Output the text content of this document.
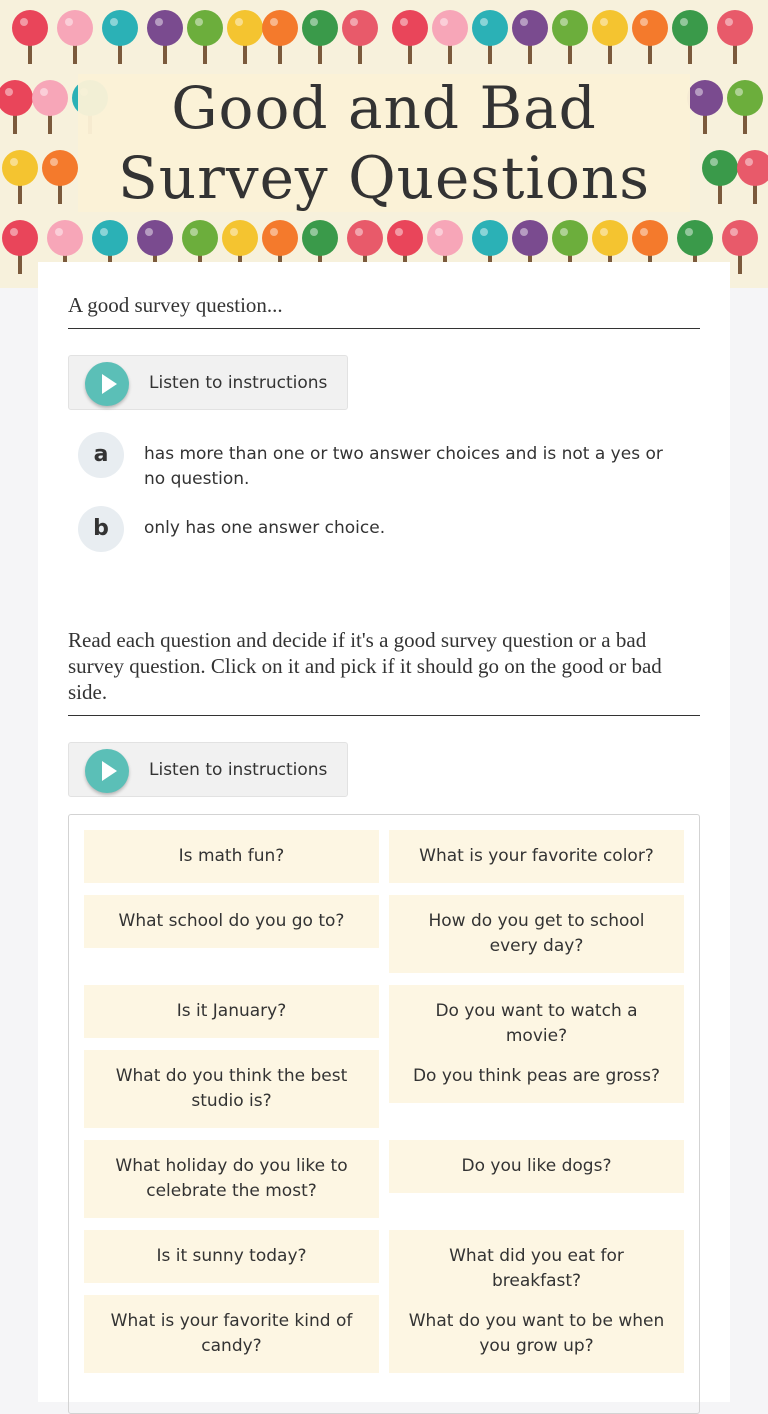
Good and Bad Survey Questions
A good survey question...
Listen to instructions
a	has more than one or two answer choices and is not a yes or no question.
b	only has one answer choice.
Read each question and decide if it's a good survey question or a bad survey question. Click on it and pick if it should go on the good or bad side.
Listen to instructions
Is math fun?	What is your favorite color?
What school do you go to?	How do you get to school every day?
Is it January?	Do you want to watch a movie?
What do you think the best studio is?
Do you think peas are gross?
What holiday do you like to celebrate the most?
Do you like dogs?
Is it sunny today?	What did you eat for breakfast?
What is your favorite kind of candy?
What do you want to be when you grow up?
